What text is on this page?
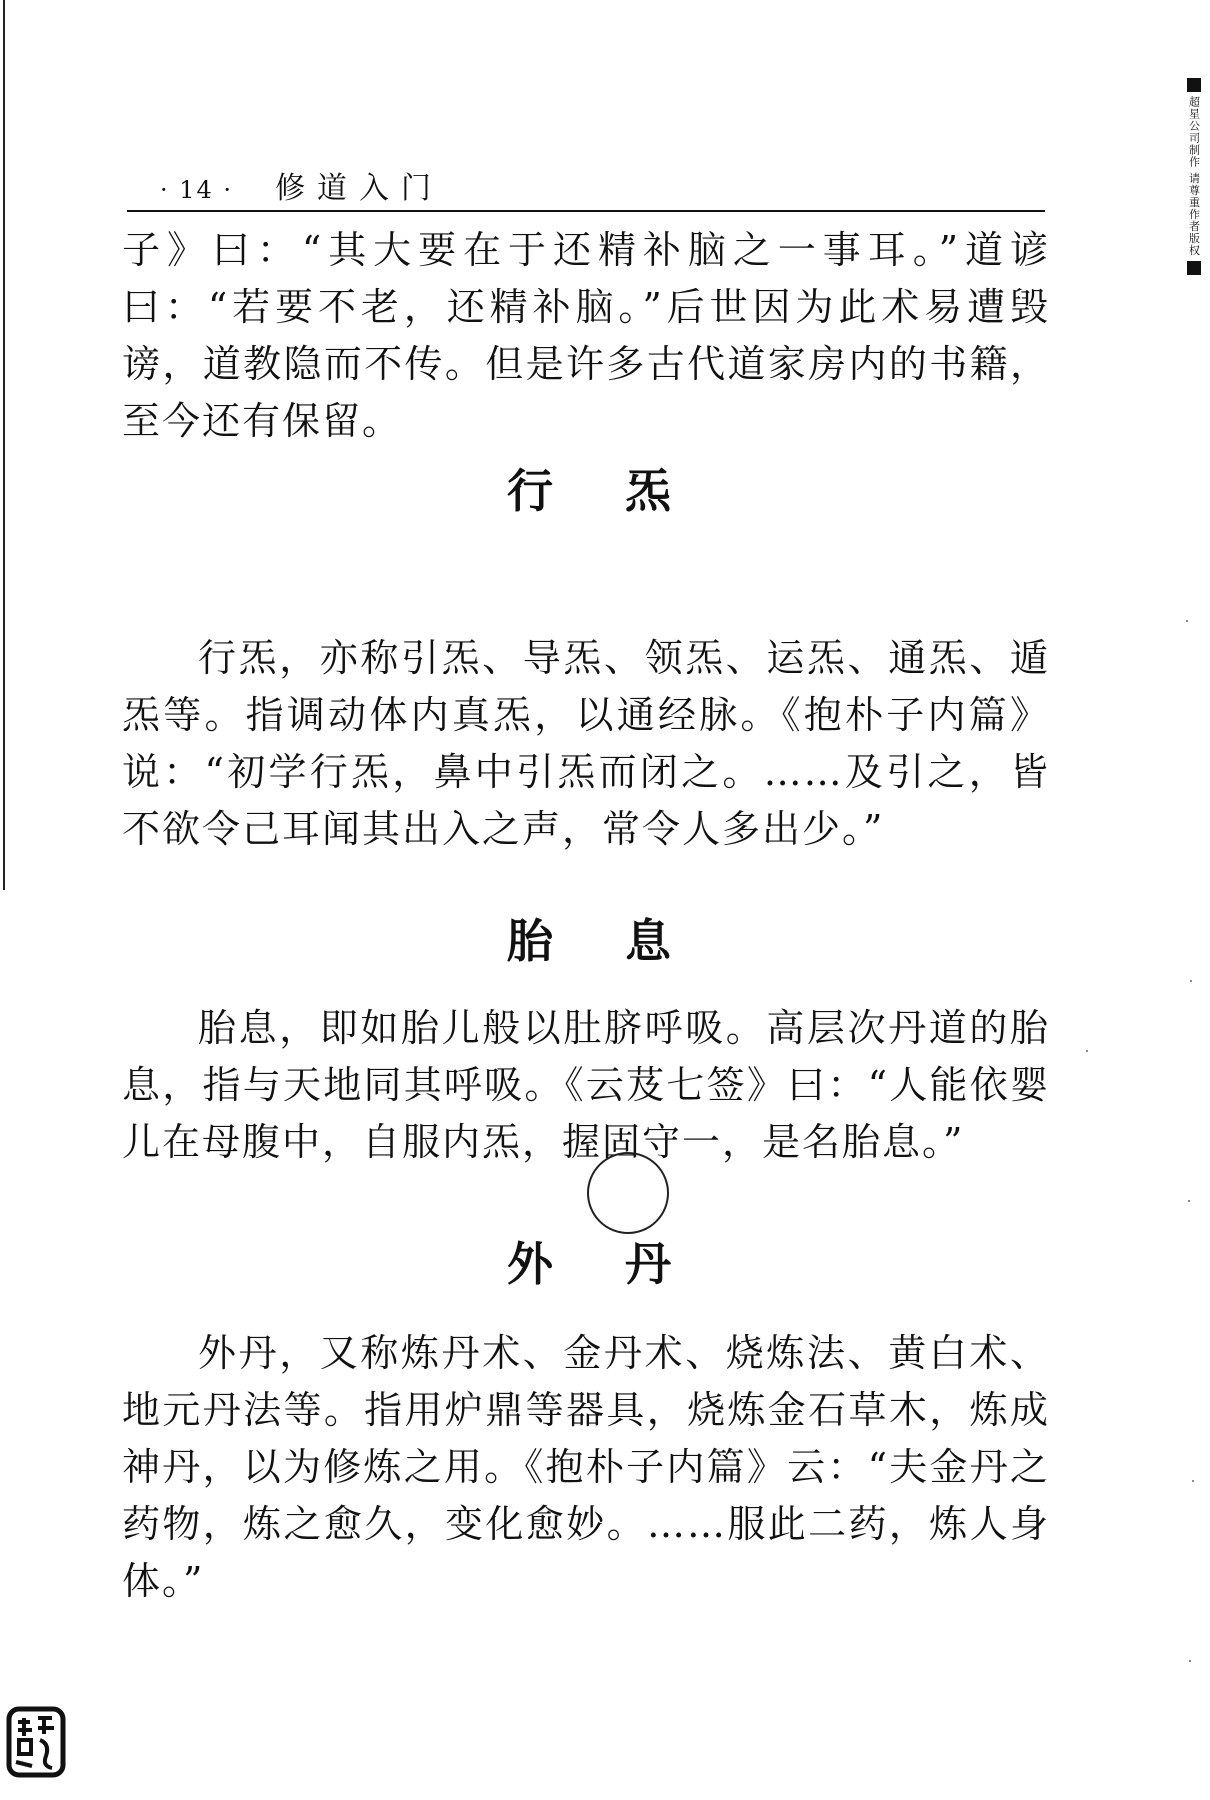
· 14 · 修道入门
子》曰：“其大要在于还精补脑之一事耳。”道谚曰：“若要不老，还精补脑。”后世因为此术易遭毁谤，道教隐而不传。但是许多古代道家房内的书籍，至今还有保留。
行炁
行炁，亦称引炁、导炁、领炁、运炁、通炁、遁炁等。指调动体内真炁，以通经脉。《抱朴子内篇》说：“初学行炁，鼻中引炁而闭之。……及引之，皆不欲令己耳闻其出入之声，常令人多出少。”
胎息
胎息，即如胎儿般以肚脐呼吸。高层次丹道的胎息，指与天地同其呼吸。《云芨七签》曰：“人能依婴儿在母腹中，自服内炁，握固守一，是名胎息。”
外丹
外丹，又称炼丹术、金丹术、烧炼法、黄白术、地元丹法等。指用炉鼎等器具，烧炼金石草木，炼成神丹，以为修炼之用。《抱朴子内篇》云：“夫金丹之药物，炼之愈久，变化愈妙。……服此二药，炼人身体。”
超星公司制作 请尊重作者版权
